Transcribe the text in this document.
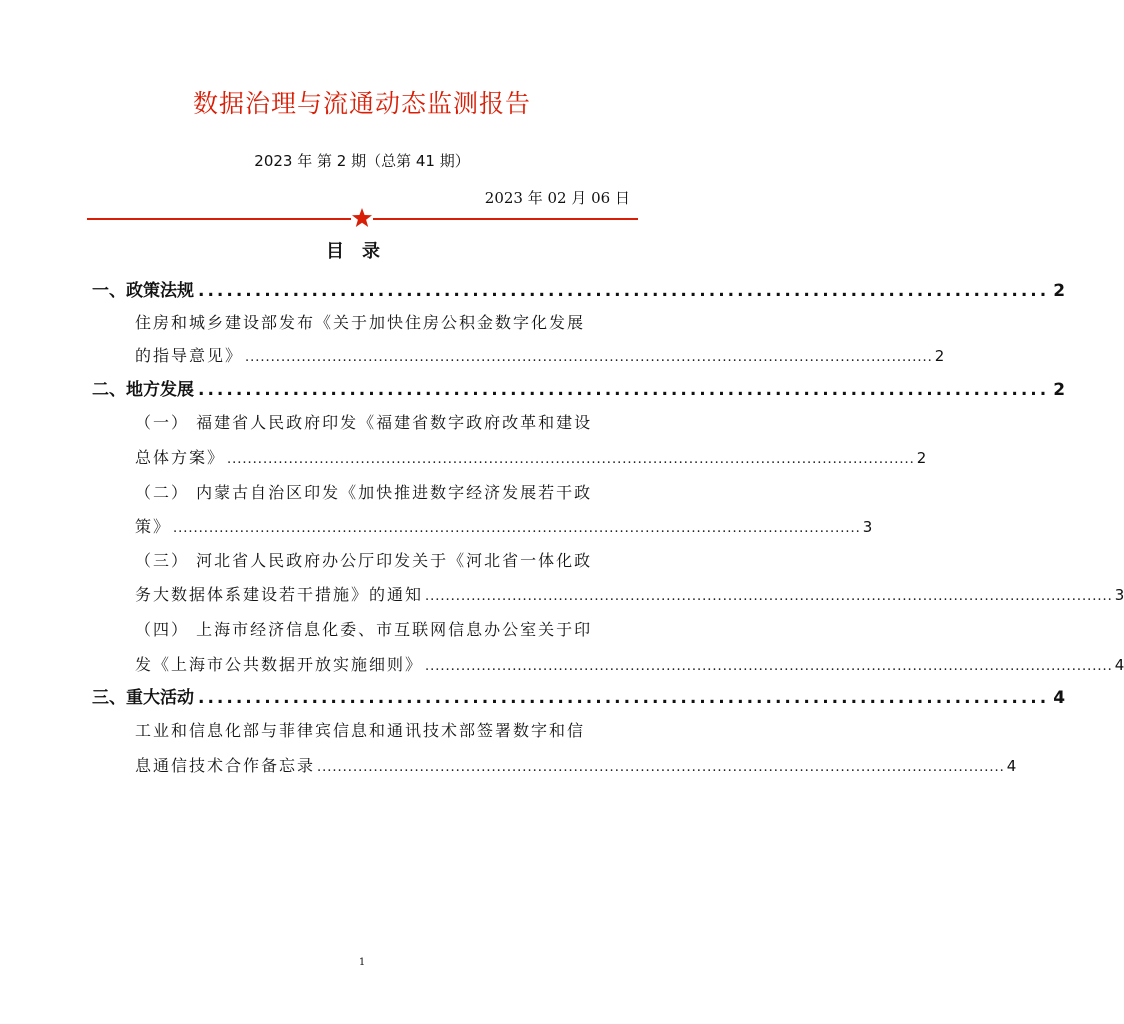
数据治理与流通动态监测报告
2023 年 第 2 期（总第 41 期）
2023 年 02 月 06 日
目录
一、 政策法规 .......................................................................................... 2
住房和城乡建设部发布《关于加快住房公积金数字化发展
的指导意见》 ...................................................................................................................................... 2
二、 地方发展 .......................................................................................... 2
（一） 福建省人民政府印发《福建省数字政府改革和建设
总体方案》 ...................................................................................................................................... 2
（二） 内蒙古自治区印发《加快推进数字经济发展若干政
策》 ...................................................................................................................................... 3
（三） 河北省人民政府办公厅印发关于《河北省一体化政
务大数据体系建设若干措施》的通知 ...................................................................................................................................... 3
（四） 上海市经济信息化委、市互联网信息办公室关于印
发《上海市公共数据开放实施细则》 ...................................................................................................................................... 4
三、 重大活动 .......................................................................................... 4
工业和信息化部与菲律宾信息和通讯技术部签署数字和信
息通信技术合作备忘录 ...................................................................................................................................... 4
1
